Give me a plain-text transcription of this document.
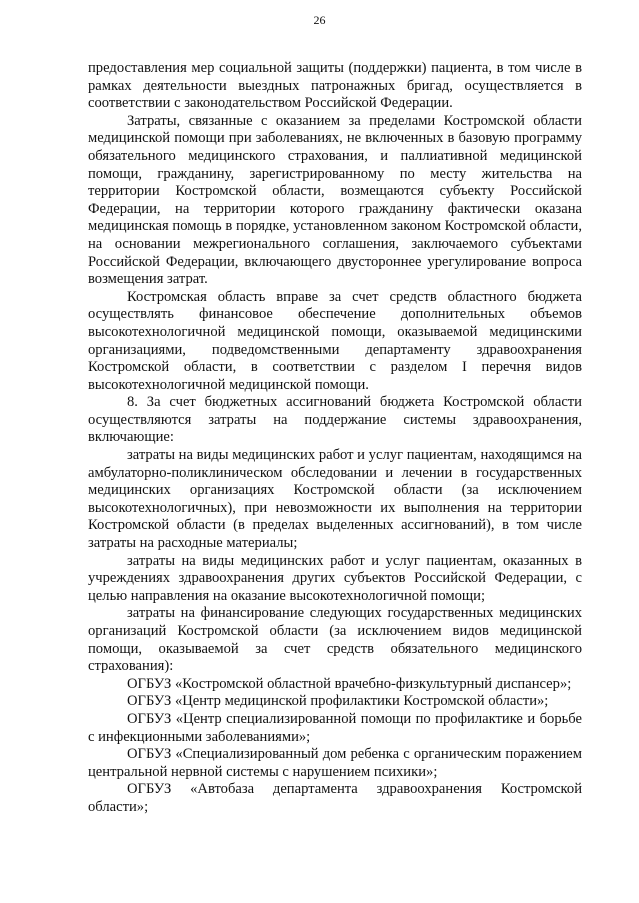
26

предоставления мер социальной защиты (поддержки) пациента, в том числе в рамках деятельности выездных патронажных бригад, осуществляется в соответствии с законодательством Российской Федерации.

Затраты, связанные с оказанием за пределами Костромской области медицинской помощи при заболеваниях, не включенных в базовую программу обязательного медицинского страхования, и паллиативной медицинской помощи, гражданину, зарегистрированному по месту жительства на территории Костромской области, возмещаются субъекту Российской Федерации, на территории которого гражданину фактически оказана медицинская помощь в порядке, установленном законом Костромской области, на основании межрегионального соглашения, заключаемого субъектами Российской Федерации, включающего двустороннее урегулирование вопроса возмещения затрат.

Костромская область вправе за счет средств областного бюджета осуществлять финансовое обеспечение дополнительных объемов высокотехнологичной медицинской помощи, оказываемой медицинскими организациями, подведомственными департаменту здравоохранения Костромской области, в соответствии с разделом I перечня видов высокотехнологичной медицинской помощи.

8. За счет бюджетных ассигнований бюджета Костромской области осуществляются затраты на поддержание системы здравоохранения, включающие:

затраты на виды медицинских работ и услуг пациентам, находящимся на амбулаторно-поликлиническом обследовании и лечении в государственных медицинских организациях Костромской области (за исключением высокотехнологичных), при невозможности их выполнения на территории Костромской области (в пределах выделенных ассигнований), в том числе затраты на расходные материалы;

затраты на виды медицинских работ и услуг пациентам, оказанных в учреждениях здравоохранения других субъектов Российской Федерации, с целью направления на оказание высокотехнологичной помощи;

затраты на финансирование следующих государственных медицинских организаций Костромской области (за исключением видов медицинской помощи, оказываемой за счет средств обязательного медицинского страхования):

ОГБУЗ «Костромской областной врачебно-физкультурный диспансер»;

ОГБУЗ «Центр медицинской профилактики Костромской области»;

ОГБУЗ «Центр специализированной помощи по профилактике и борьбе с инфекционными заболеваниями»;

ОГБУЗ «Специализированный дом ребенка с органическим поражением центральной нервной системы с нарушением психики»;

ОГБУЗ «Автобаза департамента здравоохранения Костромской области»;
